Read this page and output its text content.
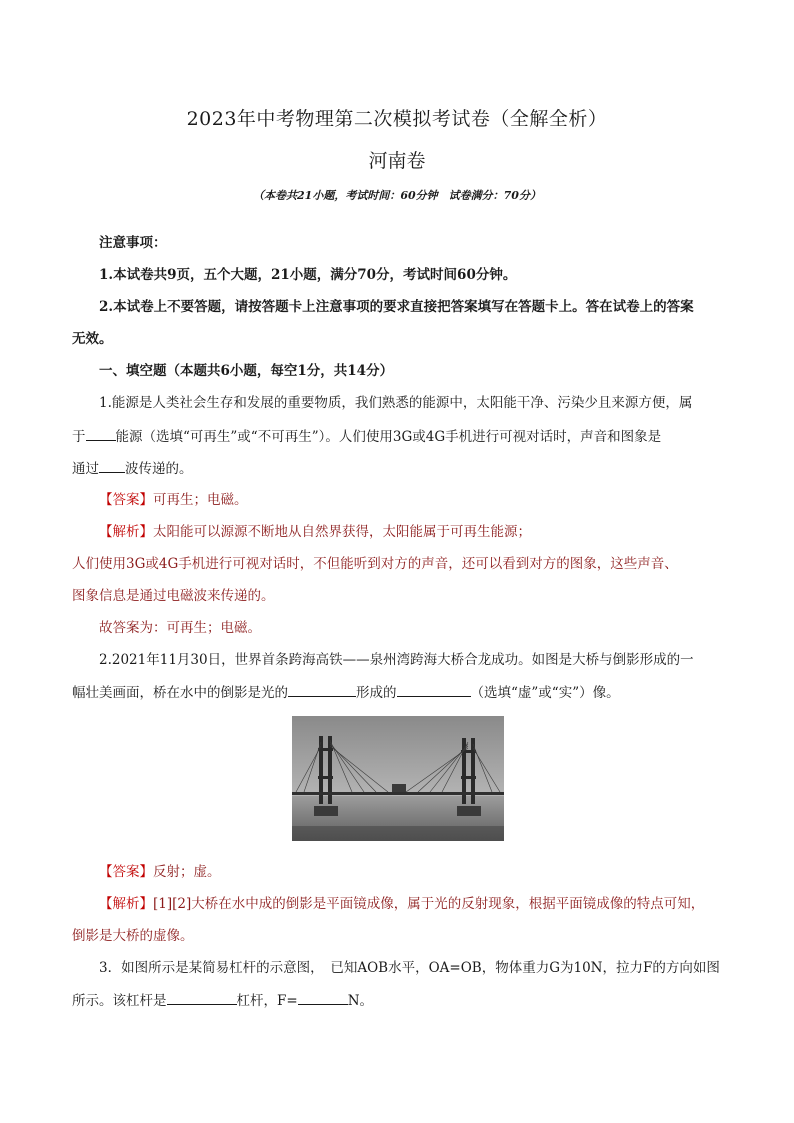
2023年中考物理第二次模拟考试卷（全解全析）
河南卷
（本卷共21小题，考试时间：60分钟　试卷满分：70分）
注意事项：
1.本试卷共9页，五个大题，21小题，满分70分，考试时间60分钟。
2.本试卷上不要答题，请按答题卡上注意事项的要求直接把答案填写在答题卡上。答在试卷上的答案
无效。
一、填空题（本题共6小题，每空1分，共14分）
1.能源是人类社会生存和发展的重要物质，我们熟悉的能源中，太阳能干净、污染少且来源方便，属
于 能源（选填“可再生”或“不可再生”）。人们使用3G或4G手机进行可视对话时，声音和图象是
通过 波传递的。
【答案】可再生；电磁。
【解析】太阳能可以源源不断地从自然界获得，太阳能属于可再生能源；
人们使用3G或4G手机进行可视对话时，不但能听到对方的声音，还可以看到对方的图象，这些声音、
图象信息是通过电磁波来传递的。
故答案为：可再生；电磁。
2.2021年11月30日，世界首条跨海高铁——泉州湾跨海大桥合龙成功。如图是大桥与倒影形成的一
幅壮美画面，桥在水中的倒影是光的	形成的	（选填“虚”或“实”）像。
【答案】反射；虚。
【解析】[1][2]大桥在水中成的倒影是平面镜成像，属于光的反射现象，根据平面镜成像的特点可知，
倒影是大桥的虚像。
3．如图所示是某简易杠杆的示意图，　已知AOB水平，OA=OB，物体重力G为10N，拉力F的方向如图
所示。该杠杆是	杠杆，F=	N。
